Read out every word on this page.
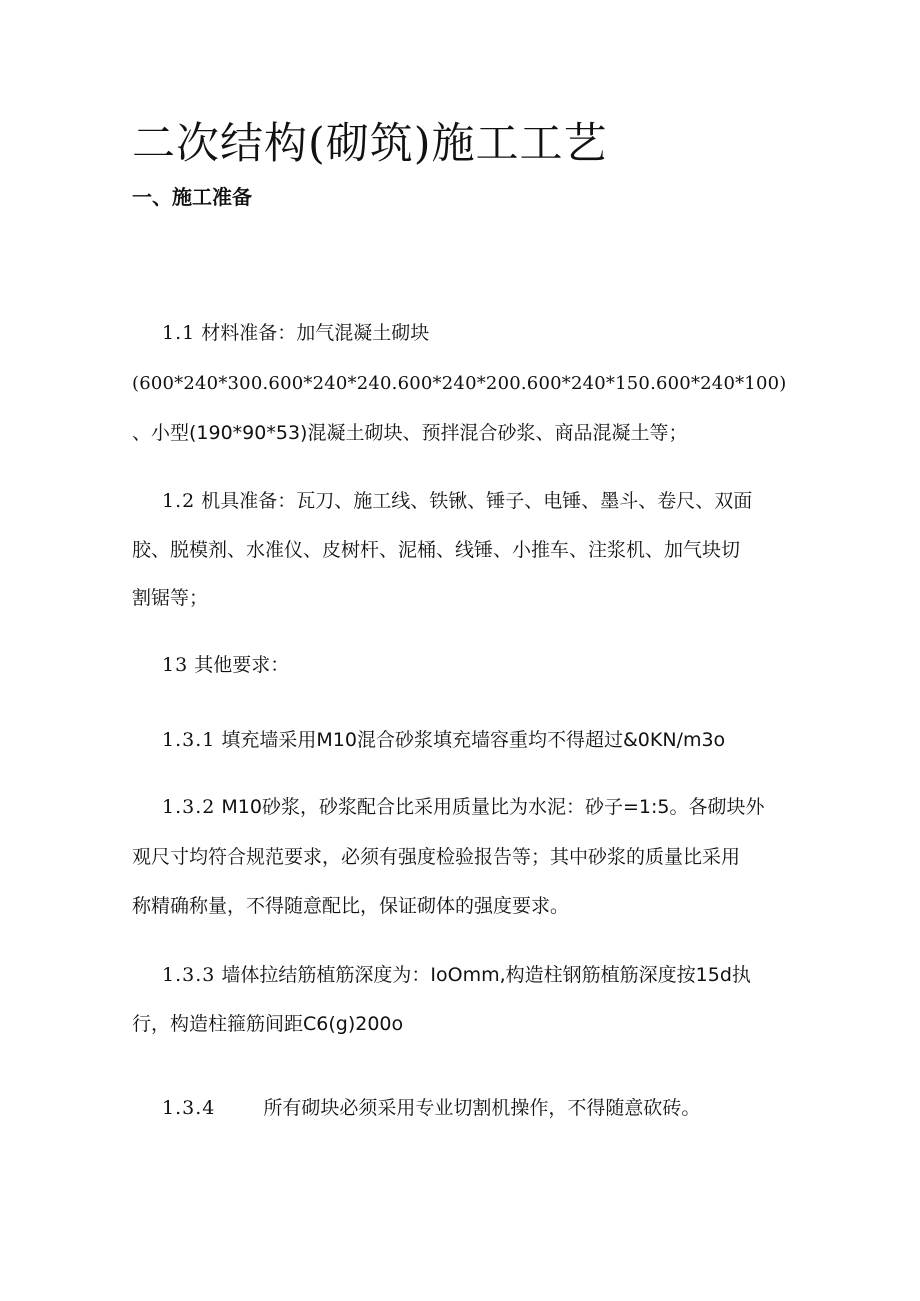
二次结构(砌筑)施工工艺
一、施工准备
1.1 材料准备：加气混凝土砌块
(600*240*300.600*240*240.600*240*200.600*240*150.600*240*100)
、小型(190*90*53)混凝土砌块、预拌混合砂浆、商品混凝土等；
1.2 机具准备：瓦刀、施工线、铁锹、锤子、电锤、墨斗、卷尺、双面
胶、脱模剂、水准仪、皮树杆、泥桶、线锤、小推车、注浆机、加气块切
割锯等；
13 其他要求：
1.3.1 填充墙采用M10混合砂浆填充墙容重均不得超过&0KN/m3o
1.3.2 M10砂浆，砂浆配合比采用质量比为水泥：砂子=1:5。各砌块外
观尺寸均符合规范要求，必须有强度检验报告等；其中砂浆的质量比采用
称精确称量，不得随意配比，保证砌体的强度要求。
1.3.3 墙体拉结筋植筋深度为：IoOmm,构造柱钢筋植筋深度按15d执
行，构造柱箍筋间距C6(g)200o
1.3.4	所有砌块必须采用专业切割机操作，不得随意砍砖。
